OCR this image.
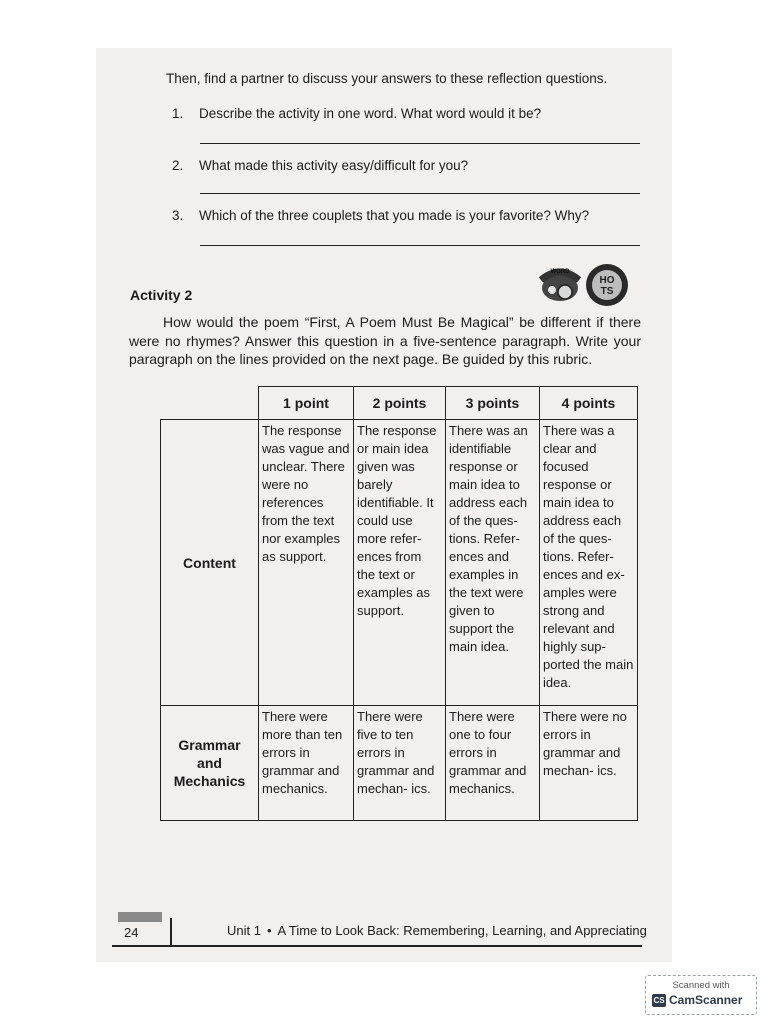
Then, find a partner to discuss your answers to these reflection questions.
1. Describe the activity in one word. What word would it be?
2. What made this activity easy/difficult for you?
3. Which of the three couplets that you made is your favorite? Why?
WORD
HO
TS
Activity 2
How would the poem “First, A Poem Must Be Magical” be different if there were no rhymes? Answer this question in a five-sentence paragraph. Write your paragraph on the lines provided on the next page. Be guided by this rubric.
	1 point	2 points	3 points	4 points
Content	The response was vague and unclear. There were no references from the text nor examples as support.	The response or main idea given was barely identifiable. It could use more refer- ences from the text or examples as support.	There was an identifiable response or main idea to address each of the ques- tions. Refer- ences and examples in the text were given to support the main idea.	There was a clear and focused response or main idea to address each of the ques- tions. Refer- ences and ex- amples were strong and relevant and highly sup- ported the main idea.
Grammar and Mechanics	There were more than ten errors in grammar and mechanics.	There were five to ten errors in grammar and mechan- ics.	There were one to four errors in grammar and mechanics.	There were no errors in grammar and mechan- ics.
24	Unit 1 • A Time to Look Back: Remembering, Learning, and Appreciating
Scanned with
CS CamScanner
